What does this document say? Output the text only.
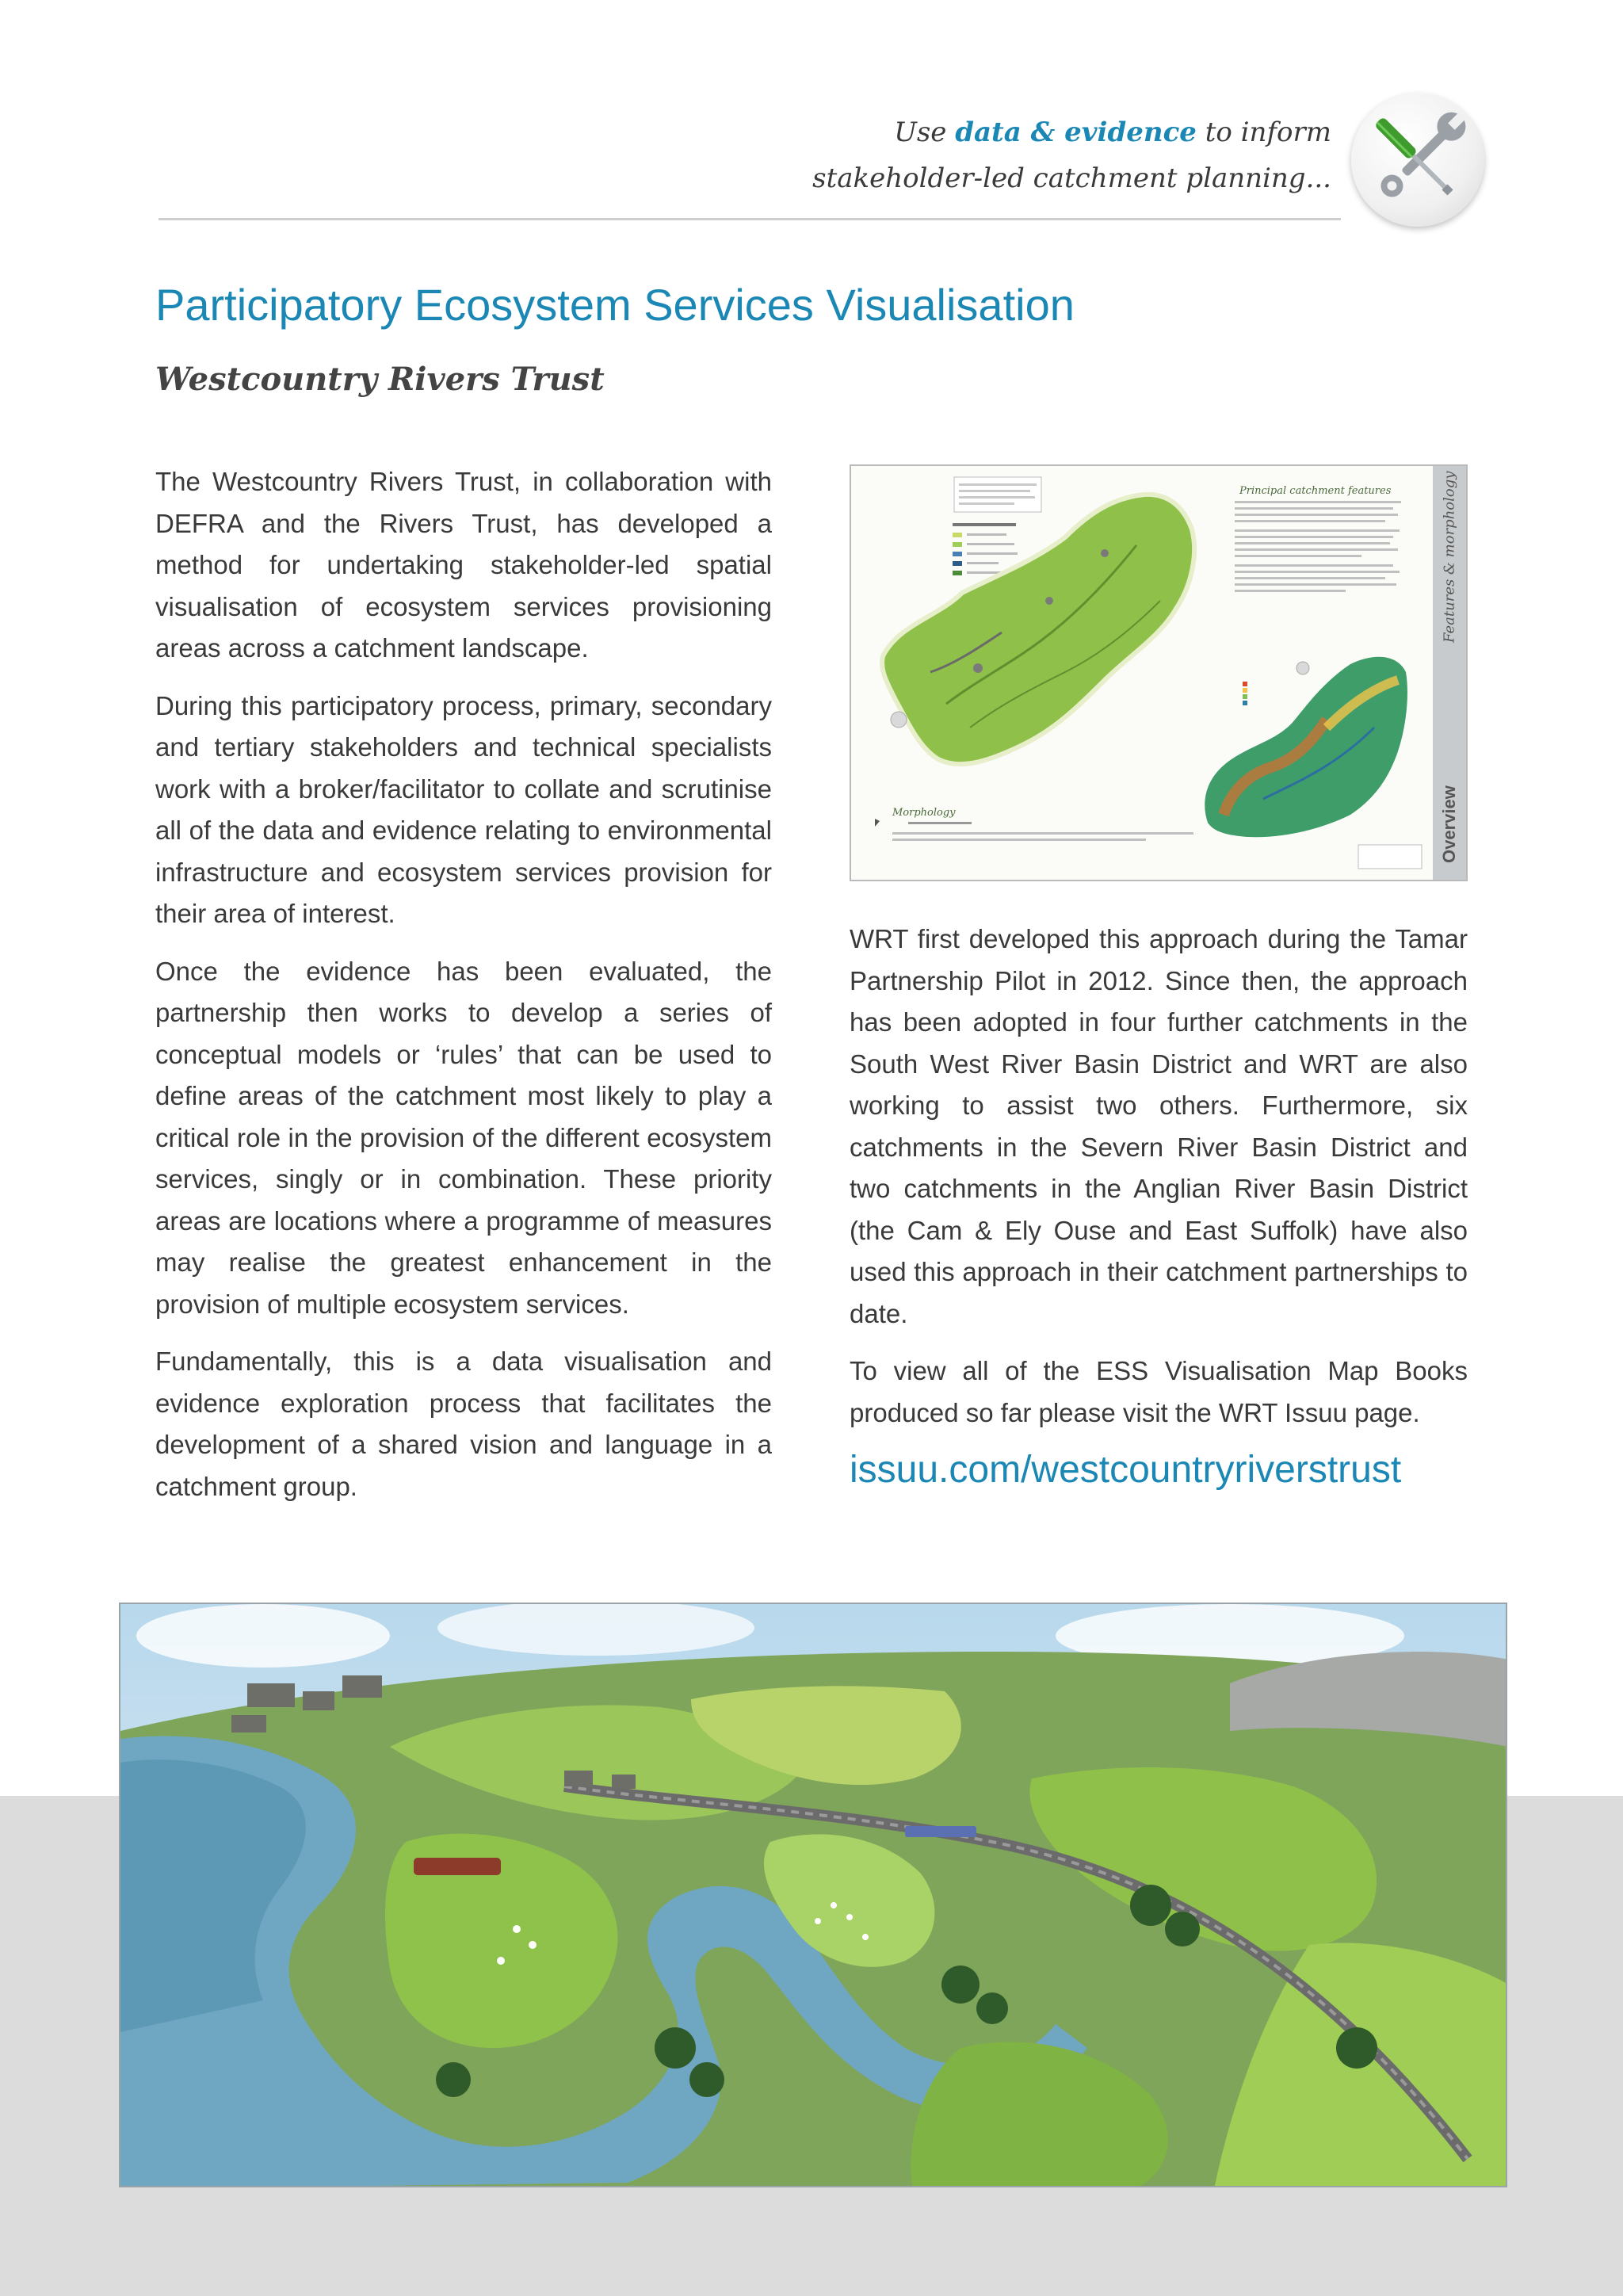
Use data & evidence to inform
stakeholder-led catchment planning...
Participatory Ecosystem Services Visualisation
Westcountry Rivers Trust

The Westcountry Rivers Trust, in collaboration with DEFRA and the Rivers Trust, has developed a method for undertaking stakeholder-led spatial visualisation of ecosystem services provisioning areas across a catchment landscape.

During this participatory process, primary, secondary and tertiary stakeholders and technical specialists work with a broker/facilitator to collate and scrutinise all of the data and evidence relating to environmental infrastructure and ecosystem services provision for their area of interest.

Once the evidence has been evaluated, the partnership then works to develop a series of conceptual models or ‘rules’ that can be used to define areas of the catchment most likely to play a critical role in the provision of the different ecosystem services, singly or in combination. These priority areas are locations where a programme of measures may realise the greatest enhancement in the provision of multiple ecosystem services.

Fundamentally, this is a data visualisation and evidence exploration process that facilitates the development of a shared vision and language in a catchment group.

Principal catchment features
Morphology
Features & morphology
Overview

WRT first developed this approach during the Tamar Partnership Pilot in 2012. Since then, the approach has been adopted in four further catchments in the South West River Basin District and WRT are also working to assist two others. Furthermore, six catchments in the Severn River Basin District and two catchments in the Anglian River Basin District (the Cam & Ely Ouse and East Suffolk) have also used this approach in their catchment partnerships to date.

To view all of the ESS Visualisation Map Books produced so far please visit the WRT Issuu page.

issuu.com/westcountryriverstrust
